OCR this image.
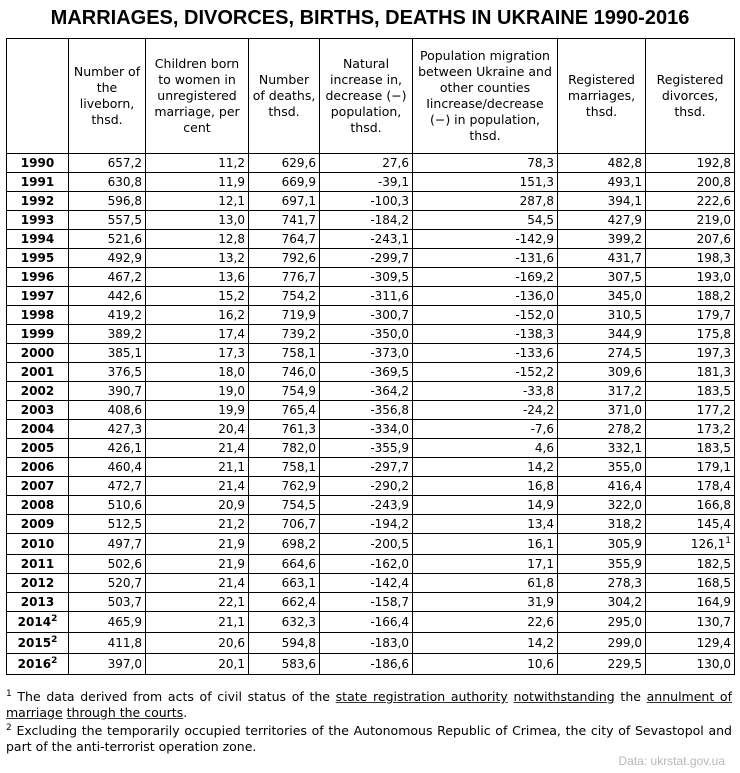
MARRIAGES, DIVORCES, BIRTHS, DEATHS IN UKRAINE 1990-2016
	Number of the liveborn, thsd.	Children born to women in unregistered marriage, per cent	Number of deaths, thsd.	Natural increase in, decrease (−) population, thsd.	Population migration between Ukraine and other counties Iincrease/decrease (−) in population, thsd.	Registered marriages, thsd.	Registered divorces, thsd.
1990	657,2	11,2	629,6	27,6	78,3	482,8	192,8
1991	630,8	11,9	669,9	-39,1	151,3	493,1	200,8
1992	596,8	12,1	697,1	-100,3	287,8	394,1	222,6
1993	557,5	13,0	741,7	-184,2	54,5	427,9	219,0
1994	521,6	12,8	764,7	-243,1	-142,9	399,2	207,6
1995	492,9	13,2	792,6	-299,7	-131,6	431,7	198,3
1996	467,2	13,6	776,7	-309,5	-169,2	307,5	193,0
1997	442,6	15,2	754,2	-311,6	-136,0	345,0	188,2
1998	419,2	16,2	719,9	-300,7	-152,0	310,5	179,7
1999	389,2	17,4	739,2	-350,0	-138,3	344,9	175,8
2000	385,1	17,3	758,1	-373,0	-133,6	274,5	197,3
2001	376,5	18,0	746,0	-369,5	-152,2	309,6	181,3
2002	390,7	19,0	754,9	-364,2	-33,8	317,2	183,5
2003	408,6	19,9	765,4	-356,8	-24,2	371,0	177,2
2004	427,3	20,4	761,3	-334,0	-7,6	278,2	173,2
2005	426,1	21,4	782,0	-355,9	4,6	332,1	183,5
2006	460,4	21,1	758,1	-297,7	14,2	355,0	179,1
2007	472,7	21,4	762,9	-290,2	16,8	416,4	178,4
2008	510,6	20,9	754,5	-243,9	14,9	322,0	166,8
2009	512,5	21,2	706,7	-194,2	13,4	318,2	145,4
2010	497,7	21,9	698,2	-200,5	16,1	305,9	126,1$^1$
2011	502,6	21,9	664,6	-162,0	17,1	355,9	182,5
2012	520,7	21,4	663,1	-142,4	61,8	278,3	168,5
2013	503,7	22,1	662,4	-158,7	31,9	304,2	164,9
2014$^2$	465,9	21,1	632,3	-166,4	22,6	295,0	130,7
2015$^2$	411,8	20,6	594,8	-183,0	14,2	299,0	129,4
2016$^2$	397,0	20,1	583,6	-186,6	10,6	229,5	130,0
$^1$ The data derived from acts of civil status of the state registration authority notwithstanding the annulment of marriage through the courts.
$^2$ Excluding the temporarily occupied territories of the Autonomous Republic of Crimea, the city of Sevastopol and part of the anti-terrorist operation zone.
Data: ukrstat.gov.ua
